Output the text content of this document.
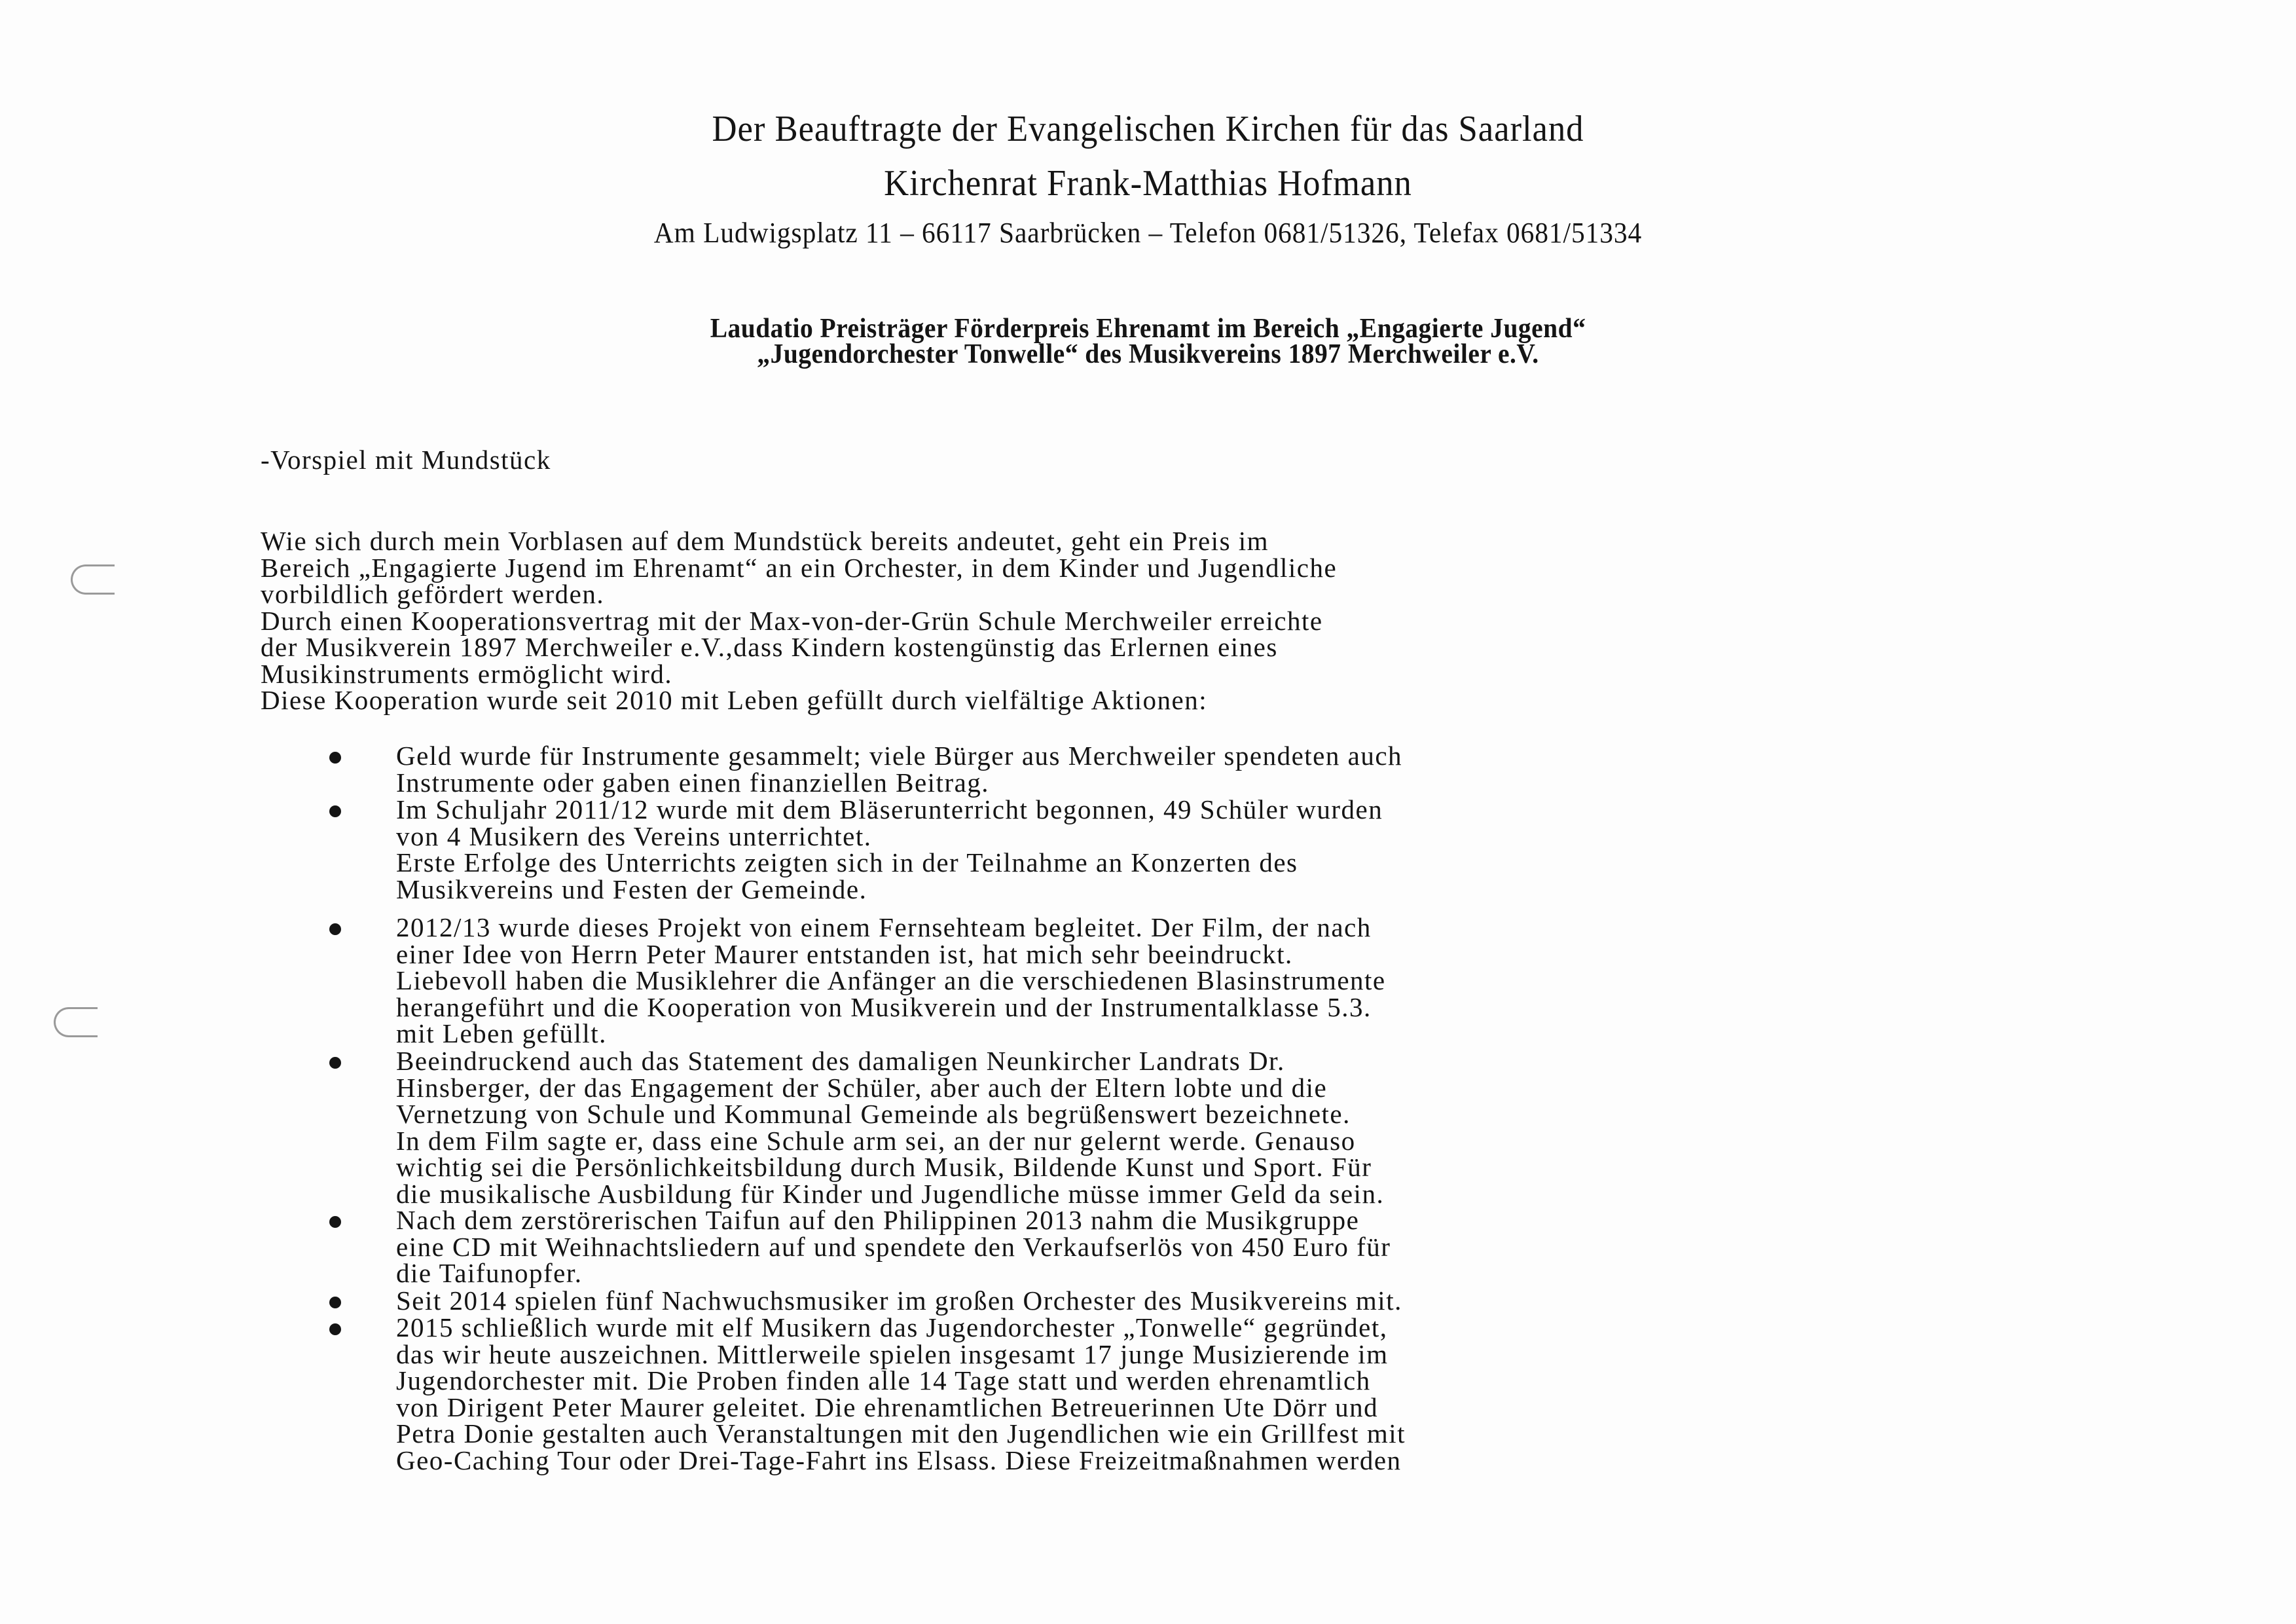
Der Beauftragte der Evangelischen Kirchen für das Saarland
Kirchenrat Frank-Matthias Hofmann
Am Ludwigsplatz 11 – 66117 Saarbrücken – Telefon 0681/51326, Telefax 0681/51334
Laudatio Preisträger Förderpreis Ehrenamt im Bereich „Engagierte Jugend“
„Jugendorchester Tonwelle“ des Musikvereins 1897 Merchweiler e.V.
-Vorspiel mit Mundstück
Wie sich durch mein Vorblasen auf dem Mundstück bereits andeutet, geht ein Preis im
Bereich „Engagierte Jugend im Ehrenamt“ an ein Orchester, in dem Kinder und Jugendliche
vorbildlich gefördert werden.
Durch einen Kooperationsvertrag mit der Max-von-der-Grün Schule Merchweiler erreichte
der Musikverein 1897 Merchweiler e.V.,dass Kindern kostengünstig das Erlernen eines
Musikinstruments ermöglicht wird.
Diese Kooperation wurde seit 2010 mit Leben gefüllt durch vielfältige Aktionen:
Geld wurde für Instrumente gesammelt; viele Bürger aus Merchweiler spendeten auch
Instrumente oder gaben einen finanziellen Beitrag.
Im Schuljahr 2011/12 wurde mit dem Bläserunterricht begonnen, 49 Schüler wurden
von 4 Musikern des Vereins unterrichtet.
Erste Erfolge des Unterrichts zeigten sich in der Teilnahme an Konzerten des
Musikvereins und Festen der Gemeinde.
2012/13 wurde dieses Projekt von einem Fernsehteam begleitet. Der Film, der nach
einer Idee von Herrn Peter Maurer entstanden ist, hat mich sehr beeindruckt.
Liebevoll haben die Musiklehrer die Anfänger an die verschiedenen Blasinstrumente
herangeführt und die Kooperation von Musikverein und der Instrumentalklasse 5.3.
mit Leben gefüllt.
Beeindruckend auch das Statement des damaligen Neunkircher Landrats Dr.
Hinsberger, der das Engagement der Schüler, aber auch der Eltern lobte und die
Vernetzung von Schule und Kommunal Gemeinde als begrüßenswert bezeichnete.
In dem Film sagte er, dass eine Schule arm sei, an der nur gelernt werde. Genauso
wichtig sei die Persönlichkeitsbildung durch Musik, Bildende Kunst und Sport. Für
die musikalische Ausbildung für Kinder und Jugendliche müsse immer Geld da sein.
Nach dem zerstörerischen Taifun auf den Philippinen 2013 nahm die Musikgruppe
eine CD mit Weihnachtsliedern auf und spendete den Verkaufserlös von 450 Euro für
die Taifunopfer.
Seit 2014 spielen fünf Nachwuchsmusiker im großen Orchester des Musikvereins mit.
2015 schließlich wurde mit elf Musikern das Jugendorchester „Tonwelle“ gegründet,
das wir heute auszeichnen. Mittlerweile spielen insgesamt 17 junge Musizierende im
Jugendorchester mit. Die Proben finden alle 14 Tage statt und werden ehrenamtlich
von Dirigent Peter Maurer geleitet. Die ehrenamtlichen Betreuerinnen Ute Dörr und
Petra Donie gestalten auch Veranstaltungen mit den Jugendlichen wie ein Grillfest mit
Geo-Caching Tour oder Drei-Tage-Fahrt ins Elsass. Diese Freizeitmaßnahmen werden
